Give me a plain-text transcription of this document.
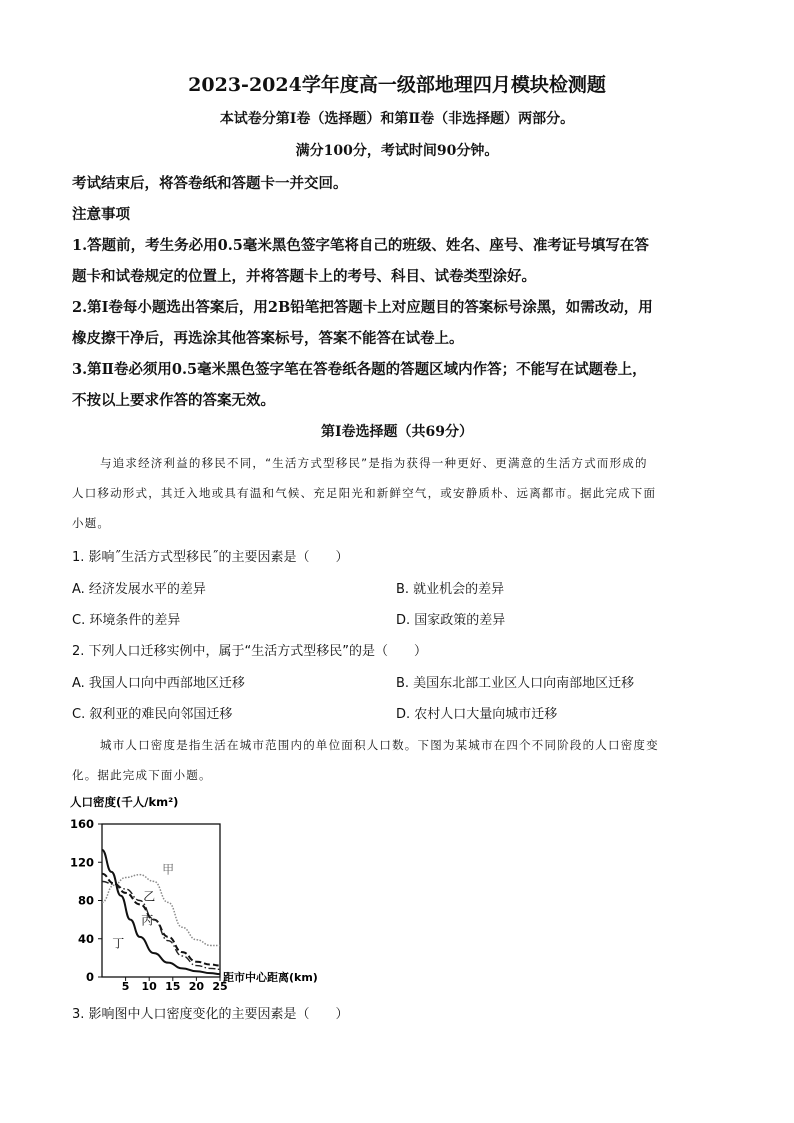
2023-2024学年度高一级部地理四月模块检测题
本试卷分第Ⅰ卷（选择题）和第Ⅱ卷（非选择题）两部分。
满分100分，考试时间90分钟。
考试结束后，将答卷纸和答题卡一并交回。
注意事项
1.答题前，考生务必用0.5毫米黑色签字笔将自己的班级、姓名、座号、准考证号填写在答
题卡和试卷规定的位置上，并将答题卡上的考号、科目、试卷类型涂好。
2.第Ⅰ卷每小题选出答案后，用2B铅笔把答题卡上对应题目的答案标号涂黑，如需改动，用
橡皮擦干净后，再选涂其他答案标号，答案不能答在试卷上。
3.第Ⅱ卷必须用0.5毫米黑色签字笔在答卷纸各题的答题区域内作答；不能写在试题卷上，
不按以上要求作答的答案无效。
第Ⅰ卷选择题（共69分）
与追求经济利益的移民不同，“生活方式型移民”是指为获得一种更好、更满意的生活方式而形成的
人口移动形式，其迁入地或具有温和气候、充足阳光和新鲜空气，或安静质朴、远离都市。据此完成下面
小题。
1. 影响˝生活方式型移民˝的主要因素是（　　）
A. 经济发展水平的差异	B. 就业机会的差异
C. 环境条件的差异	D. 国家政策的差异
2. 下列人口迁移实例中，属于“生活方式型移民”的是（　　）
A. 我国人口向中西部地区迁移	B. 美国东北部工业区人口向南部地区迁移
C. 叙利亚的难民向邻国迁移	D. 农村人口大量向城市迁移
城市人口密度是指生活在城市范围内的单位面积人口数。下图为某城市在四个不同阶段的人口密度变
化。据此完成下面小题。
人口密度(千人/km²)
0
40
80
120
160
5 10 15 20 25
距市中心距离(km)
甲
乙
丙
丁
3. 影响图中人口密度变化的主要因素是（　　）
